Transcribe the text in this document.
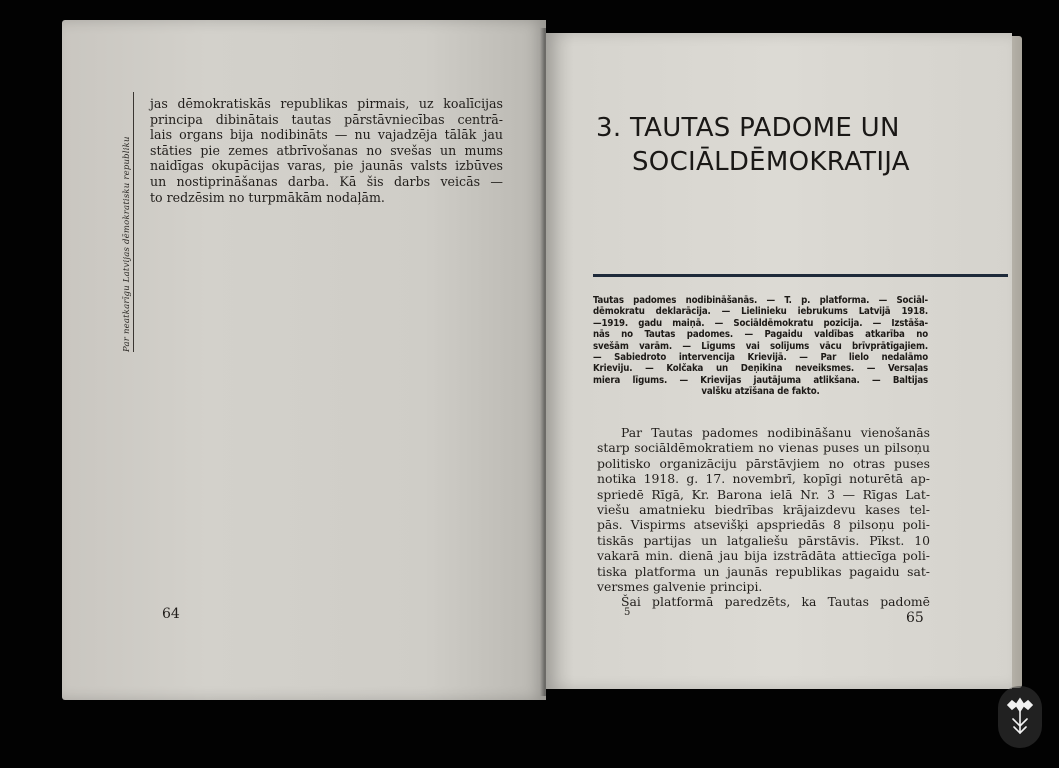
Par neatkarīgu Latvijas dēmokratisku republiku
jas dēmokratiskās republikas pirmais, uz koalīcijas
principa dibinātais tautas pārstāvniecības centrā-
lais organs bija nodibināts — nu vajadzēja tālāk jau
stāties pie zemes atbrīvošanas no svešas un mums
naidīgas okupācijas varas, pie jaunās valsts izbūves
un nostiprināšanas darba. Kā šis darbs veicās —
to redzēsim no turpmākām nodaļām.
64
3. TAUTAS PADOME UN
SOCIĀLDĒMOKRATIJA
Tautas padomes nodibināšanās. — T. p. platforma. — Sociāl-
dēmokratu deklarācija. — Lielinieku iebrukums Latvijā 1918.
—1919. gadu maiņā. — Sociāldēmokratu pozicija. — Izstāša-
nās no Tautas padomes. — Pagaidu valdības atkarība no
svešām varām. — Līgums vai solījums vācu brīvprātīgajiem.
— Sabiedroto intervencija Krievijā. — Par lielo nedalāmo
Krieviju. — Kolčaka un Deņikina neveiksmes. — Versaļas
miera līgums. — Krievijas jautājuma atlikšana. — Baltijas
valšku atzīšana de fakto.
Par Tautas padomes nodibināšanu vienošanās
starp sociāldēmokratiem no vienas puses un pilsoņu
politisko organizāciju pārstāvjiem no otras puses
notika 1918. g. 17. novembrī, kopīgi noturētā ap-
spriedē Rīgā, Kr. Barona ielā Nr. 3 — Rīgas Lat-
viešu amatnieku biedrības krājaizdevu kases tel-
pās. Vispirms atsevišķi apspriedās 8 pilsoņu poli-
tiskās partijas un latgaliešu pārstāvis. Pīkst. 10
vakarā min. dienā jau bija izstrādāta attiecīga poli-
tiska platforma un jaunās republikas pagaidu sat-
versmes galvenie principi.
Šai platformā paredzēts, ka Tautas padomē
5	65
